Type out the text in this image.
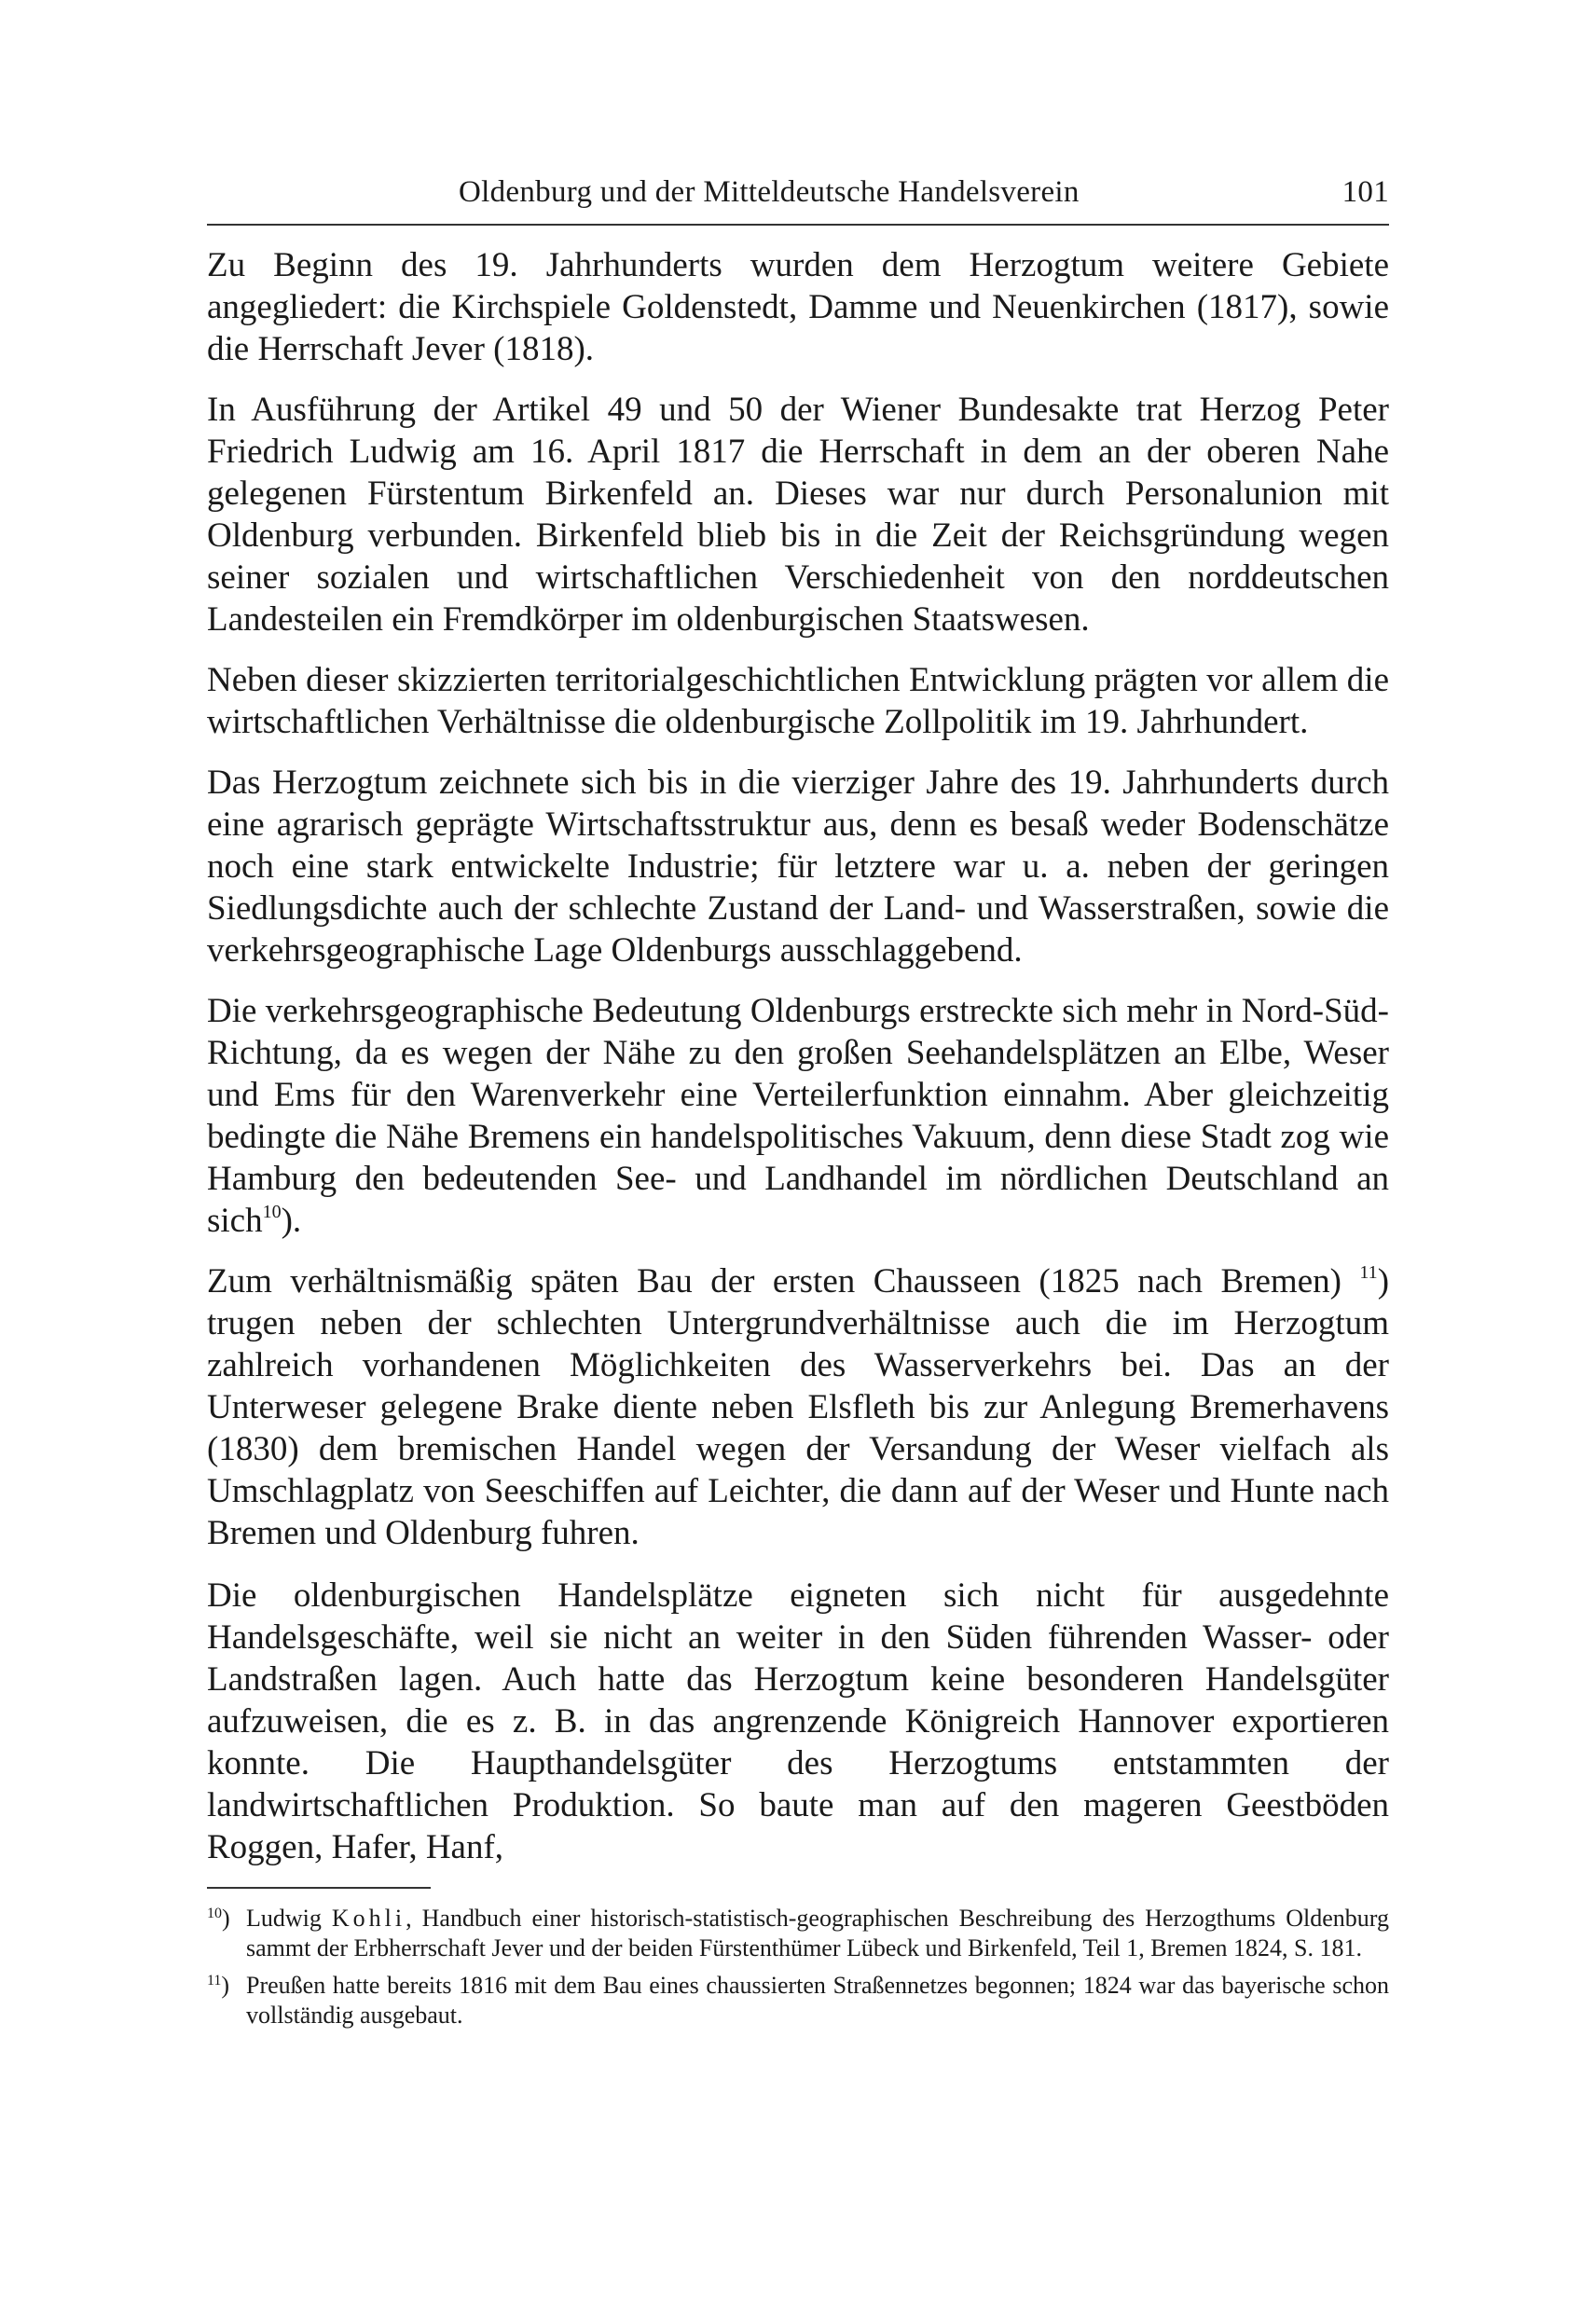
Oldenburg und der Mitteldeutsche Handelsverein	101

Zu Beginn des 19. Jahrhunderts wurden dem Herzogtum weitere Gebiete angegliedert: die Kirchspiele Goldenstedt, Damme und Neuenkirchen (1817), sowie die Herrschaft Jever (1818).

In Ausführung der Artikel 49 und 50 der Wiener Bundesakte trat Herzog Peter Friedrich Ludwig am 16. April 1817 die Herrschaft in dem an der oberen Nahe gelegenen Fürstentum Birkenfeld an. Dieses war nur durch Personalunion mit Oldenburg verbunden. Birkenfeld blieb bis in die Zeit der Reichsgründung wegen seiner sozialen und wirtschaftlichen Verschiedenheit von den norddeutschen Landesteilen ein Fremdkörper im oldenburgischen Staatswesen.

Neben dieser skizzierten territorialgeschichtlichen Entwicklung prägten vor allem die wirtschaftlichen Verhältnisse die oldenburgische Zollpolitik im 19. Jahrhundert.

Das Herzogtum zeichnete sich bis in die vierziger Jahre des 19. Jahrhunderts durch eine agrarisch geprägte Wirtschaftsstruktur aus, denn es besaß weder Bodenschätze noch eine stark entwickelte Industrie; für letztere war u. a. neben der geringen Siedlungsdichte auch der schlechte Zustand der Land- und Wasserstraßen, sowie die verkehrsgeographische Lage Oldenburgs ausschlaggebend.

Die verkehrsgeographische Bedeutung Oldenburgs erstreckte sich mehr in Nord-Süd-Richtung, da es wegen der Nähe zu den großen Seehandelsplätzen an Elbe, Weser und Ems für den Warenverkehr eine Verteilerfunktion einnahm. Aber gleichzeitig bedingte die Nähe Bremens ein handelspolitisches Vakuum, denn diese Stadt zog wie Hamburg den bedeutenden See- und Landhandel im nördlichen Deutschland an sich$^{10}$).

Zum verhältnismäßig späten Bau der ersten Chausseen (1825 nach Bremen) $^{11}$) trugen neben der schlechten Untergrundverhältnisse auch die im Herzogtum zahlreich vorhandenen Möglichkeiten des Wasserverkehrs bei. Das an der Unterweser gelegene Brake diente neben Elsfleth bis zur Anlegung Bremerhavens (1830) dem bremischen Handel wegen der Versandung der Weser vielfach als Umschlagplatz von Seeschiffen auf Leichter, die dann auf der Weser und Hunte nach Bremen und Oldenburg fuhren.

Die oldenburgischen Handelsplätze eigneten sich nicht für ausgedehnte Handelsgeschäfte, weil sie nicht an weiter in den Süden führenden Wasser- oder Landstraßen lagen. Auch hatte das Herzogtum keine besonderen Handelsgüter aufzuweisen, die es z. B. in das angrenzende Königreich Hannover exportieren konnte. Die Haupthandelsgüter des Herzogtums entstammten der landwirtschaftlichen Produktion. So baute man auf den mageren Geestböden Roggen, Hafer, Hanf,

$^{10}$) Ludwig Kohli, Handbuch einer historisch-statistisch-geographischen Beschreibung des Herzogthums Oldenburg sammt der Erbherrschaft Jever und der beiden Fürstenthümer Lübeck und Birkenfeld, Teil 1, Bremen 1824, S. 181.
$^{11}$) Preußen hatte bereits 1816 mit dem Bau eines chaussierten Straßennetzes begonnen; 1824 war das bayerische schon vollständig ausgebaut.
